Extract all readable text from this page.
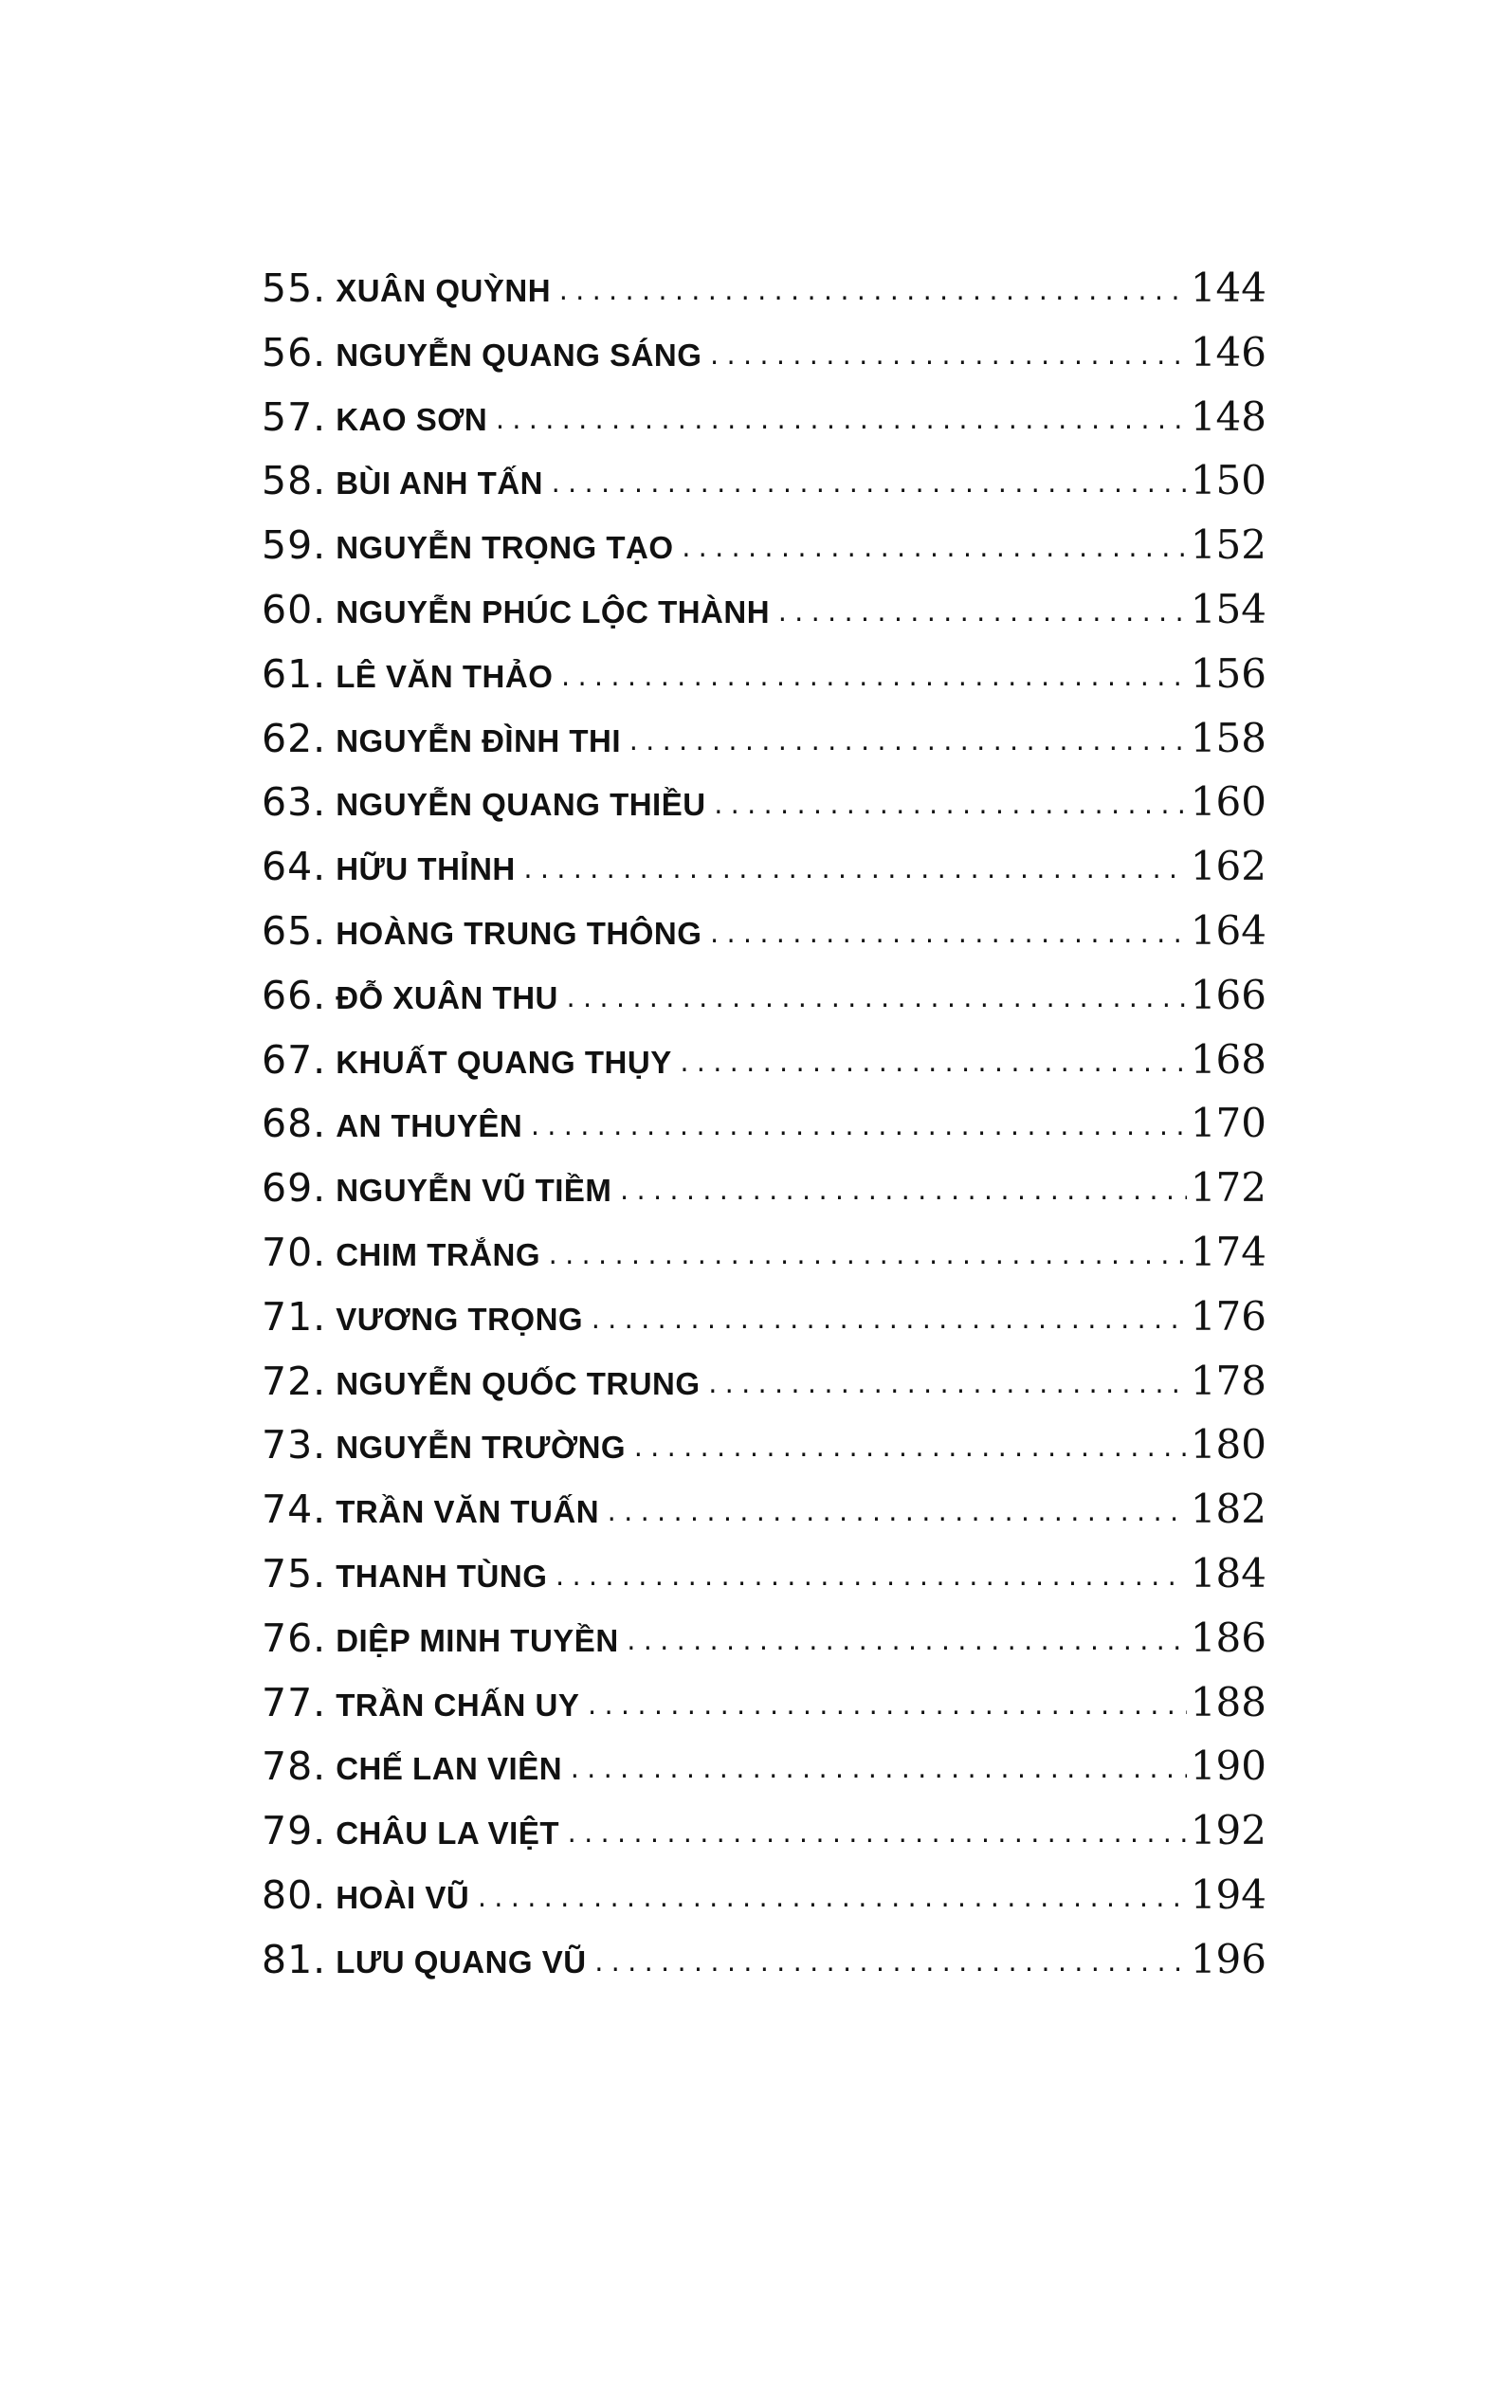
55. XUÂN QUỲNH .....	144
56. NGUYỄN QUANG SÁNG .....	146
57. KAO SƠN .....	148
58. BÙI ANH TẤN .....	150
59. NGUYỄN TRỌNG TẠO .....	152
60. NGUYỄN PHÚC LỘC THÀNH .....	154
61. LÊ VĂN THẢO .....	156
62. NGUYỄN ĐÌNH THI .....	158
63. NGUYỄN QUANG THIỀU .....	160
64. HỮU THỈNH .....	162
65. HOÀNG TRUNG THÔNG .....	164
66. ĐỖ XUÂN THU .....	166
67. KHUẤT QUANG THỤY .....	168
68. AN THUYÊN .....	170
69. NGUYỄN VŨ TIỀM .....	172
70. CHIM TRẮNG .....	174
71. VƯƠNG TRỌNG .....	176
72. NGUYỄN QUỐC TRUNG .....	178
73. NGUYỄN TRƯỜNG .....	180
74. TRẦN VĂN TUẤN .....	182
75. THANH TÙNG .....	184
76. DIỆP MINH TUYỀN .....	186
77. TRẦN CHẤN UY .....	188
78. CHẾ LAN VIÊN .....	190
79. CHÂU LA VIỆT .....	192
80. HOÀI VŨ .....	194
81. LƯU QUANG VŨ .....	196
